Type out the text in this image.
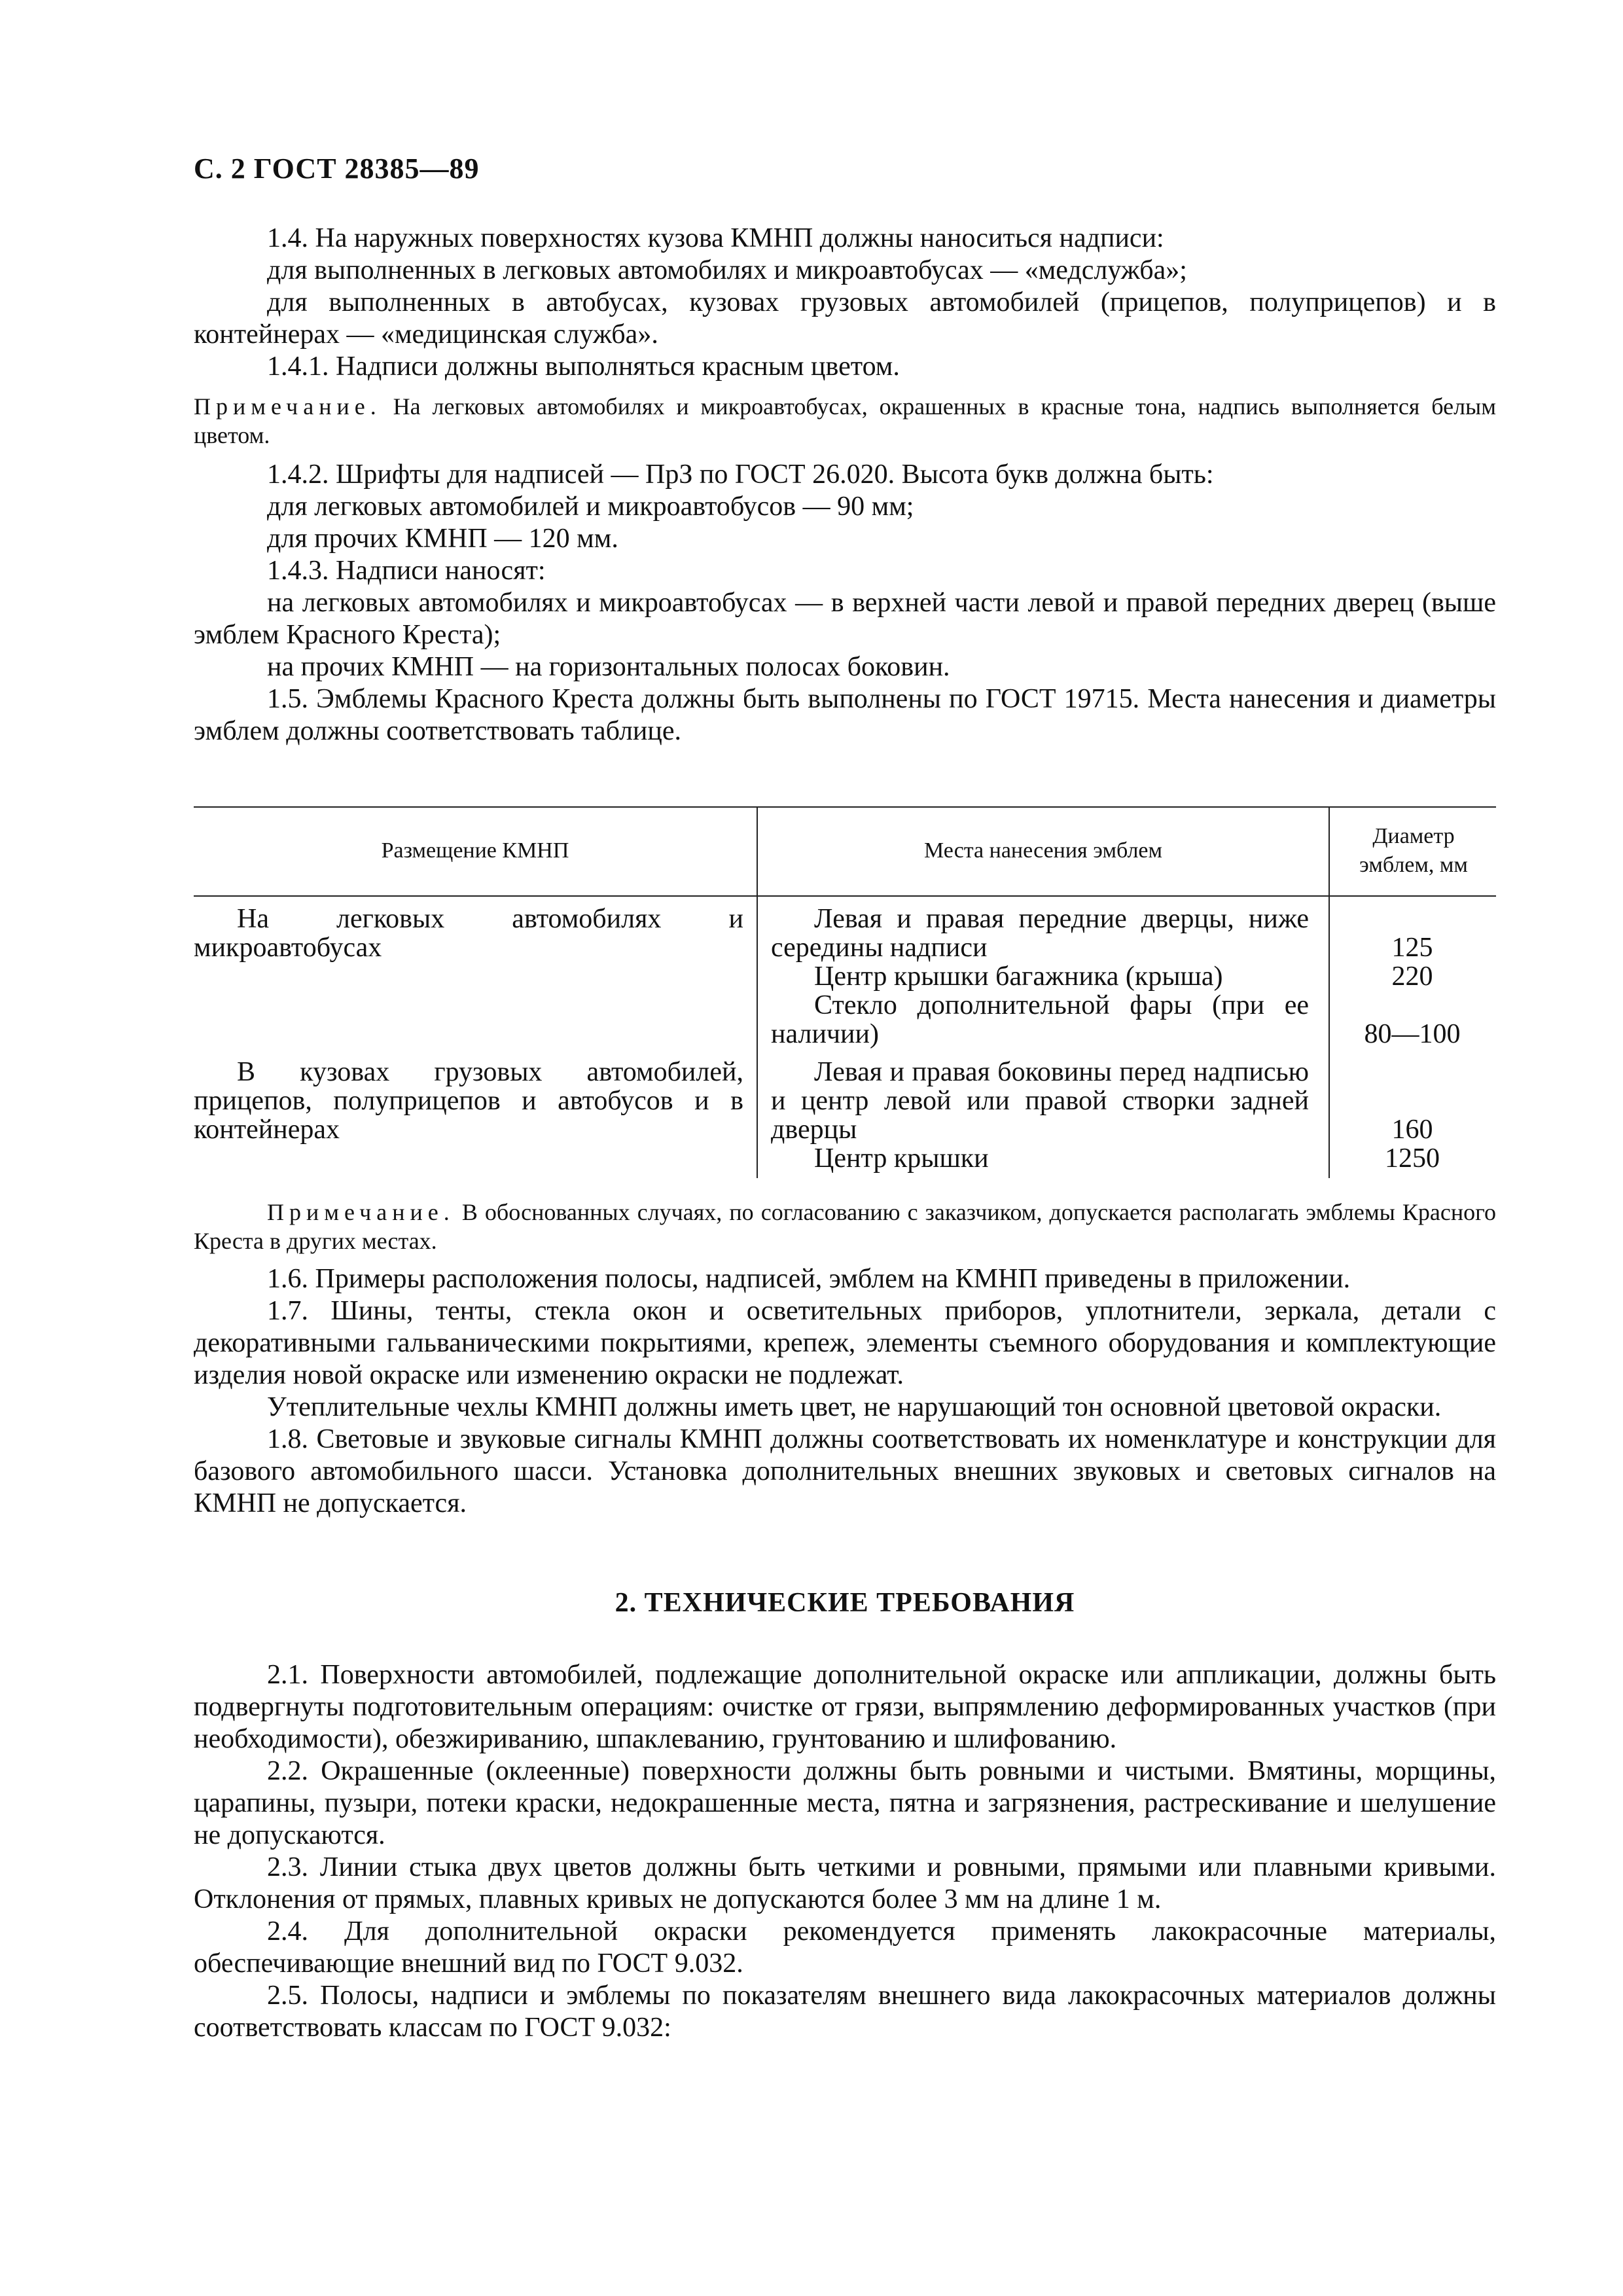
С. 2 ГОСТ 28385—89

1.4. На наружных поверхностях кузова КМНП должны наноситься надписи:

для выполненных в легковых автомобилях и микроавтобусах — «медслужба»;

для выполненных в автобусах, кузовах грузовых автомобилей (прицепов, полуприцепов) и в контейнерах — «медицинская служба».

1.4.1. Надписи должны выполняться красным цветом.

Примечание. На легковых автомобилях и микроавтобусах, окрашенных в красные тона, надпись выполняется белым цветом.

1.4.2. Шрифты для надписей — ПрЗ по ГОСТ 26.020. Высота букв должна быть:

для легковых автомобилей и микроавтобусов — 90 мм;

для прочих КМНП — 120 мм.

1.4.3. Надписи наносят:

на легковых автомобилях и микроавтобусах — в верхней части левой и правой передних дверец (выше эмблем Красного Креста);

на прочих КМНП — на горизонтальных полосах боковин.

1.5. Эмблемы Красного Креста должны быть выполнены по ГОСТ 19715. Места нанесения и диаметры эмблем должны соответствовать таблице.

Размещение КМНП	Места нанесения эмблем
Диаметр эмблем, мм
На легковых автомобилях и микроавтобусах
Левая и правая передние дверцы, ниже середины надписи
Центр крышки багажника (крыша)
Стекло дополнительной фары (при ее наличии)
125
220
80—100
В кузовах грузовых автомобилей, прицепов, полуприцепов и автобусов и в контейнерах
Левая и правая боковины перед надписью и центр левой или правой створки задней дверцы
Центр крышки
160
1250

Примечание. В обоснованных случаях, по согласованию с заказчиком, допускается располагать эмблемы Красного Креста в других местах.

1.6. Примеры расположения полосы, надписей, эмблем на КМНП приведены в приложении.

1.7. Шины, тенты, стекла окон и осветительных приборов, уплотнители, зеркала, детали с декоративными гальваническими покрытиями, крепеж, элементы съемного оборудования и комплектующие изделия новой окраске или изменению окраски не подлежат.

Утеплительные чехлы КМНП должны иметь цвет, не нарушающий тон основной цветовой окраски.

1.8. Световые и звуковые сигналы КМНП должны соответствовать их номенклатуре и конструкции для базового автомобильного шасси. Установка дополнительных внешних звуковых и световых сигналов на КМНП не допускается.

2. ТЕХНИЧЕСКИЕ ТРЕБОВАНИЯ

2.1. Поверхности автомобилей, подлежащие дополнительной окраске или аппликации, должны быть подвергнуты подготовительным операциям: очистке от грязи, выпрямлению деформированных участков (при необходимости), обезжириванию, шпаклеванию, грунтованию и шлифованию.

2.2. Окрашенные (оклеенные) поверхности должны быть ровными и чистыми. Вмятины, морщины, царапины, пузыри, потеки краски, недокрашенные места, пятна и загрязнения, растрескивание и шелушение не допускаются.

2.3. Линии стыка двух цветов должны быть четкими и ровными, прямыми или плавными кривыми. Отклонения от прямых, плавных кривых не допускаются более 3 мм на длине 1 м.

2.4. Для дополнительной окраски рекомендуется применять лакокрасочные материалы, обеспечивающие внешний вид по ГОСТ 9.032.

2.5. Полосы, надписи и эмблемы по показателям внешнего вида лакокрасочных материалов должны соответствовать классам по ГОСТ 9.032:
